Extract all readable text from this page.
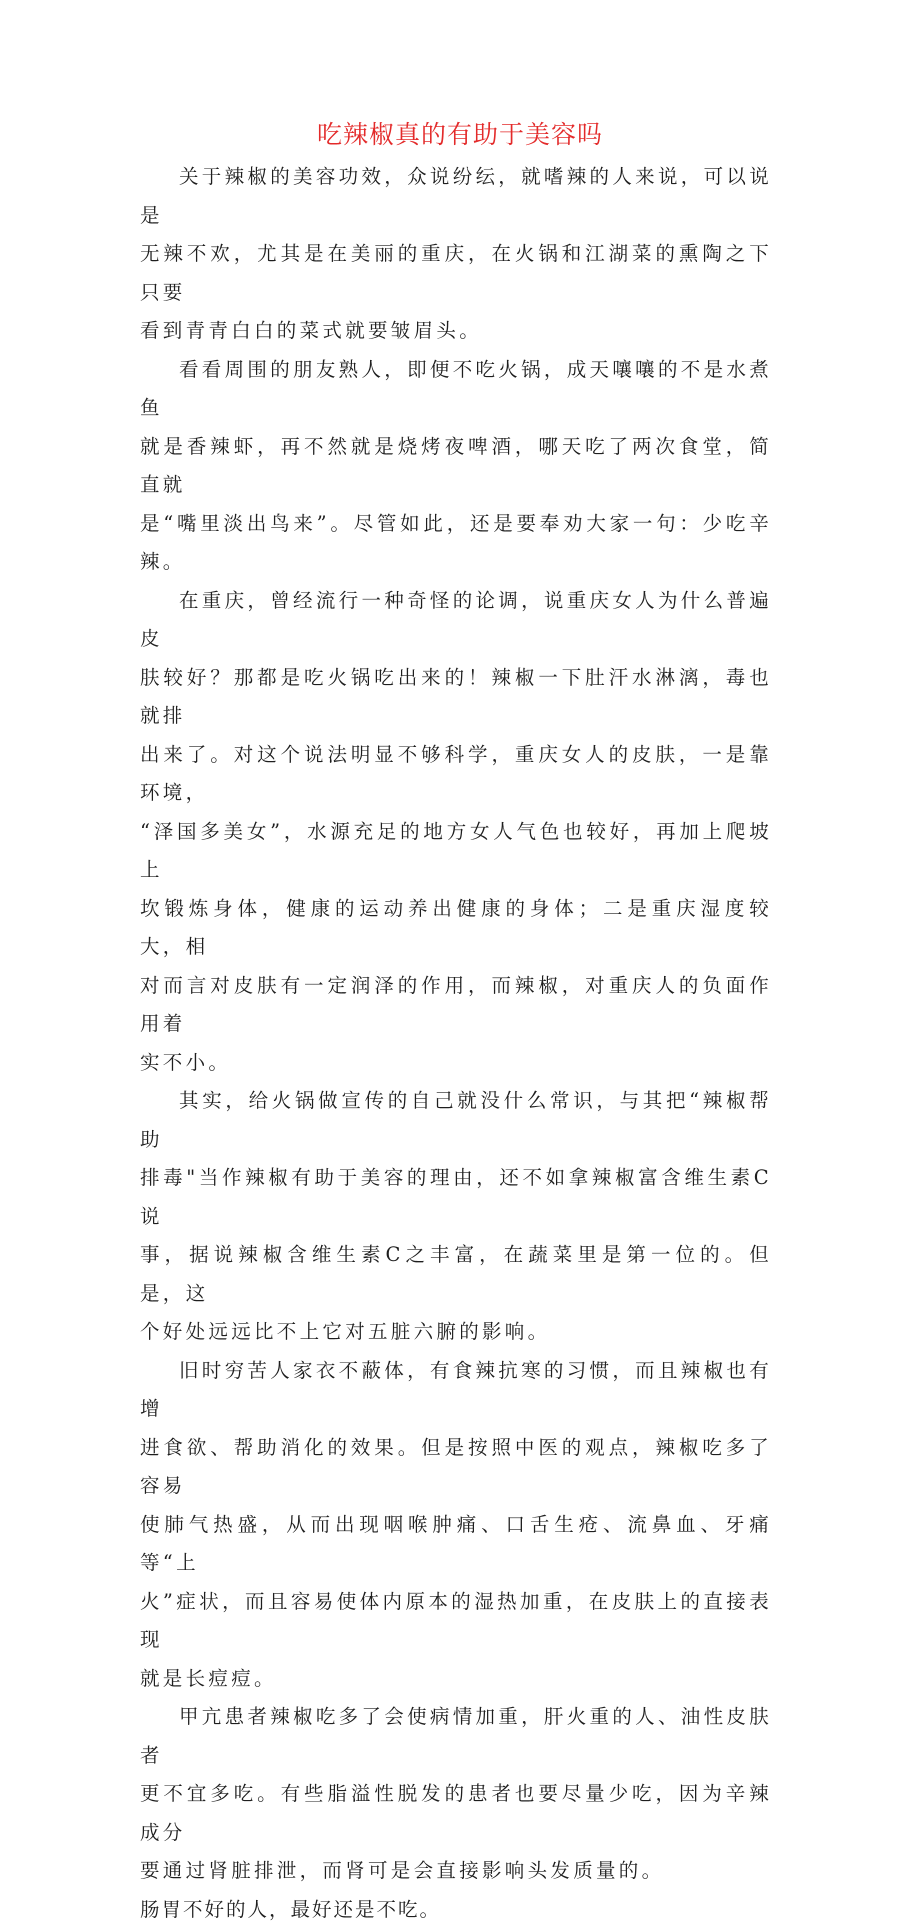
吃辣椒真的有助于美容吗

关于辣椒的美容功效，众说纷纭，就嗜辣的人来说，可以说是
无辣不欢，尤其是在美丽的重庆，在火锅和江湖菜的熏陶之下只要
看到青青白白的菜式就要皱眉头。

看看周围的朋友熟人，即便不吃火锅，成天嚷嚷的不是水煮鱼
就是香辣虾，再不然就是烧烤夜啤酒，哪天吃了两次食堂，简直就
是“嘴里淡出鸟来”。尽管如此，还是要奉劝大家一句：少吃辛辣。

在重庆，曾经流行一种奇怪的论调，说重庆女人为什么普遍皮
肤较好？那都是吃火锅吃出来的！辣椒一下肚汗水淋漓，毒也就排
出来了。对这个说法明显不够科学，重庆女人的皮肤，一是靠环境，
“泽国多美女”，水源充足的地方女人气色也较好，再加上爬坡上
坎锻炼身体，健康的运动养出健康的身体；二是重庆湿度较大，相
对而言对皮肤有一定润泽的作用，而辣椒，对重庆人的负面作用着
实不小。

其实，给火锅做宣传的自己就没什么常识，与其把“辣椒帮助
排毒"当作辣椒有助于美容的理由，还不如拿辣椒富含维生素C说
事，据说辣椒含维生素C之丰富，在蔬菜里是第一位的。但是，这
个好处远远比不上它对五脏六腑的影响。

旧时穷苦人家衣不蔽体，有食辣抗寒的习惯，而且辣椒也有增
进食欲、帮助消化的效果。但是按照中医的观点，辣椒吃多了容易
使肺气热盛，从而出现咽喉肿痛、口舌生疮、流鼻血、牙痛等“上
火”症状，而且容易使体内原本的湿热加重，在皮肤上的直接表现
就是长痘痘。

甲亢患者辣椒吃多了会使病情加重，肝火重的人、油性皮肤者
更不宜多吃。有些脂溢性脱发的患者也要尽量少吃，因为辛辣成分
要通过肾脏排泄，而肾可是会直接影响头发质量的。

肠胃不好的人，最好还是不吃。
